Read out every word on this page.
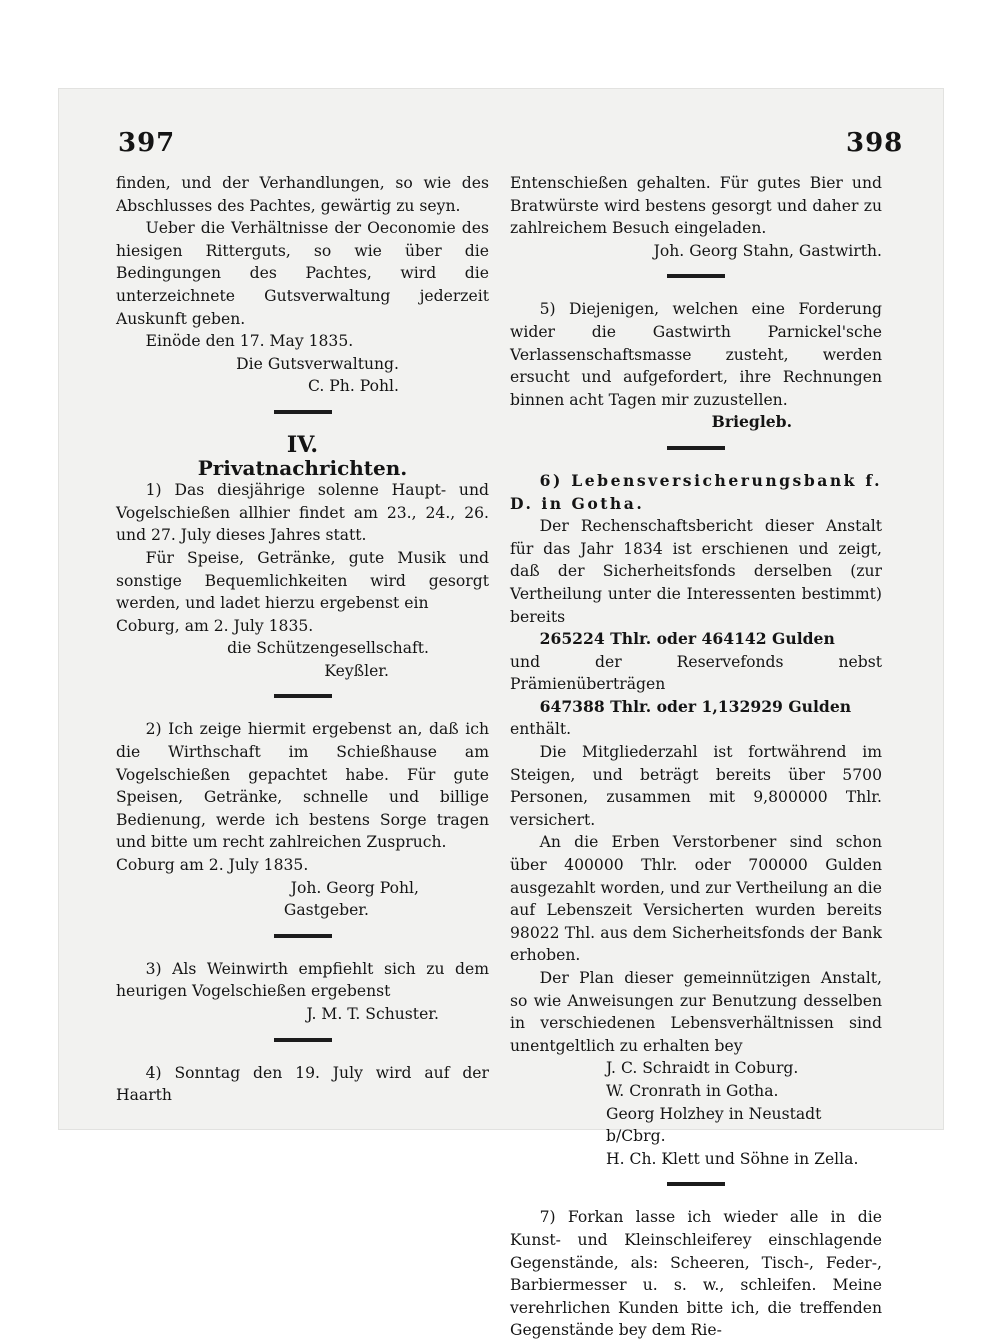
397	398

finden, und der Verhandlungen, so wie des Abschlusses des Pachtes, gewärtig zu seyn.

Ueber die Verhältnisse der Oeconomie des hiesigen Ritterguts, so wie über die Bedingungen des Pachtes, wird die unterzeichnete Gutsverwaltung jederzeit Auskunft geben.

Einöde den 17. May 1835.

Die Gutsverwaltung.

C. Ph. Pohl.

IV.

Privatnachrichten.

1) Das diesjährige solenne Haupt- und Vogelschießen allhier findet am 23., 24., 26. und 27. July dieses Jahres statt.

Für Speise, Getränke, gute Musik und sonstige Bequemlichkeiten wird gesorgt werden, und ladet hierzu ergebenst ein

Coburg, am 2. July 1835.

die Schützengesellschaft.

Keyßler.

2) Ich zeige hiermit ergebenst an, daß ich die Wirthschaft im Schießhause am Vogelschießen gepachtet habe. Für gute Speisen, Getränke, schnelle und billige Bedienung, werde ich bestens Sorge tragen und bitte um recht zahlreichen Zuspruch.

Coburg am 2. July 1835.

Joh. Georg Pohl,

Gastgeber.

3) Als Weinwirth empfiehlt sich zu dem heurigen Vogelschießen ergebenst

J. M. T. Schuster.

4) Sonntag den 19. July wird auf der Haarth

Entenschießen gehalten. Für gutes Bier und Bratwürste wird bestens gesorgt und daher zu zahlreichem Besuch eingeladen.

Joh. Georg Stahn, Gastwirth.

5) Diejenigen, welchen eine Forderung wider die Gastwirth Parnickel'sche Verlassenschaftsmasse zusteht, werden ersucht und aufgefordert, ihre Rechnungen binnen acht Tagen mir zuzustellen.

Briegleb.

6) Lebensversicherungsbank f. D. in Gotha.

Der Rechenschaftsbericht dieser Anstalt für das Jahr 1834 ist erschienen und zeigt, daß der Sicherheitsfonds derselben (zur Vertheilung unter die Interessenten bestimmt) bereits

265224 Thlr. oder 464142 Gulden

und der Reservefonds nebst Prämienüberträgen

647388 Thlr. oder 1,132929 Gulden

enthält.

Die Mitgliederzahl ist fortwährend im Steigen, und beträgt bereits über 5700 Personen, zusammen mit 9,800000 Thlr. versichert.

An die Erben Verstorbener sind schon über 400000 Thlr. oder 700000 Gulden ausgezahlt worden, und zur Vertheilung an die auf Lebenszeit Versicherten wurden bereits 98022 Thl. aus dem Sicherheitsfonds der Bank erhoben.

Der Plan dieser gemeinnützigen Anstalt, so wie Anweisungen zur Benutzung desselben in verschiedenen Lebensverhältnissen sind unentgeltlich zu erhalten bey

J. C. Schraidt in Coburg.

W. Cronrath in Gotha.

Georg Holzhey in Neustadt b/Cbrg.

H. Ch. Klett und Söhne in Zella.

7) Forkan lasse ich wieder alle in die Kunst- und Kleinschleiferey einschlagende Gegenstände, als: Scheeren, Tisch-, Feder-, Barbiermesser u. s. w., schleifen. Meine verehrlichen Kunden bitte ich, die treffenden Gegenstände bey dem Rie-
